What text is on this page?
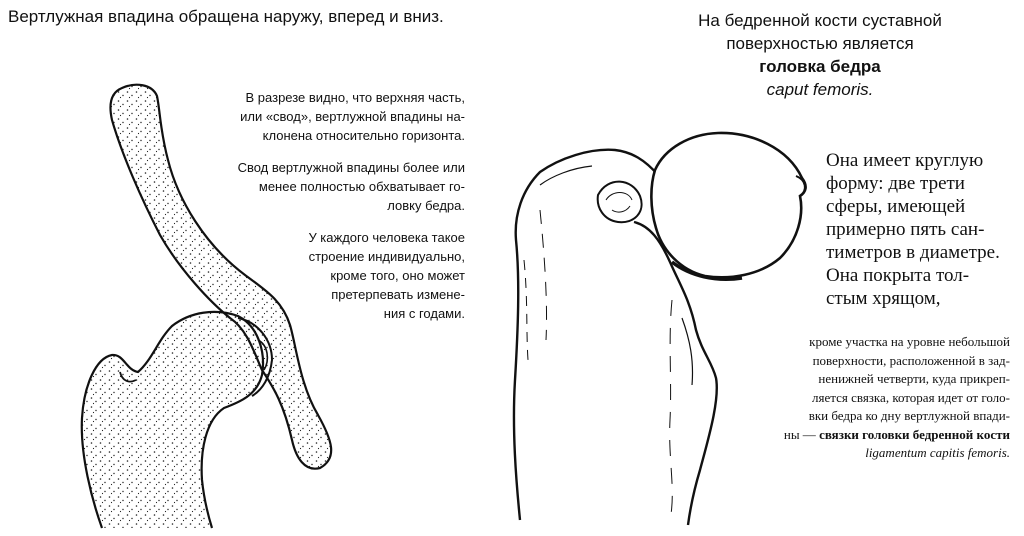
Вертлужная впадина обращена наружу, вперед и вниз.
В разрезе видно, что верхняя часть,
или «свод», вертлужной впадины на-
клонена относительно горизонта.
Свод вертлужной впадины более или
менее полностью обхватывает го-
ловку бедра.
У каждого человека такое
строение индивидуально,
кроме того, оно может
претерпевать измене-
ния с годами.
На бедренной кости суставной
поверхностью является
головка бедра
caput femoris.
Она имеет круглую
форму: две трети
сферы, имеющей
примерно пять сан-
тиметров в диаметре.
Она покрыта тол-
стым хрящом,
кроме участка на уровне небольшой
поверхности, расположенной в зад-
ненижней четверти, куда прикреп-
ляется связка, которая идет от голо-
вки бедра ко дну вертлужной впади-
ны — связки головки бедренной кости
ligamentum capitis femoris.
